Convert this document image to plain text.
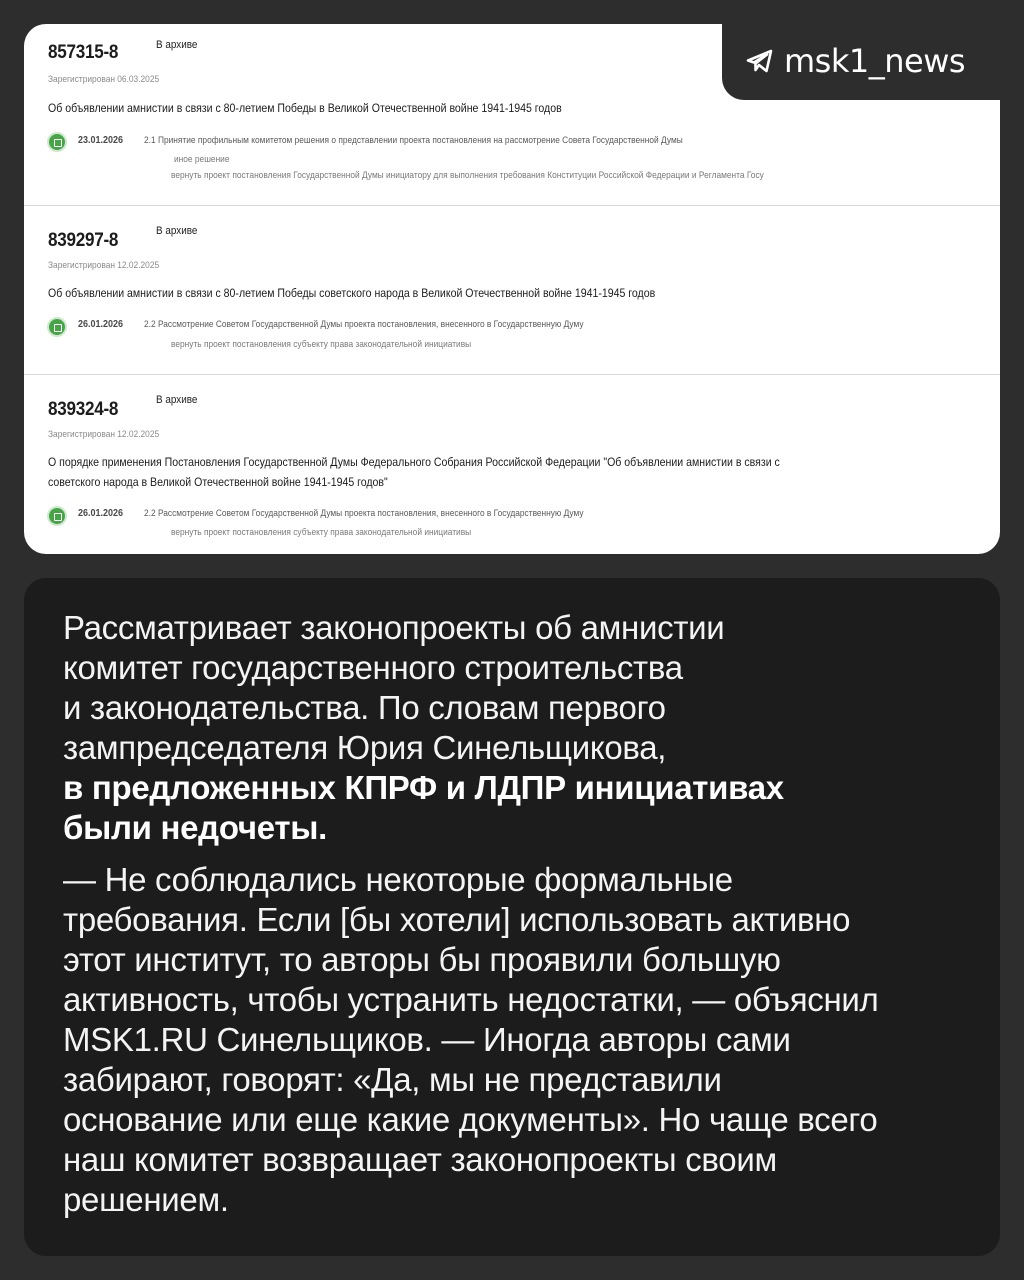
857315-8	В архиве
Зарегистрирован 06.03.2025
Об объявлении амнистии в связи с 80-летием Победы в Великой Отечественной войне 1941-1945 годов
23.01.2026 2.1 Принятие профильным комитетом решения о представлении проекта постановления на рассмотрение Совета Государственной Думы
иное решение
вернуть проект постановления Государственной Думы инициатору для выполнения требования Конституции Российской Федерации и Регламента Госу
839297-8	В архиве
Зарегистрирован 12.02.2025
Об объявлении амнистии в связи с 80-летием Победы советского народа в Великой Отечественной войне 1941-1945 годов
26.01.2026 2.2 Рассмотрение Советом Государственной Думы проекта постановления, внесенного в Государственную Думу
вернуть проект постановления субъекту права законодательной инициативы
839324-8	В архиве
Зарегистрирован 12.02.2025
О порядке применения Постановления Государственной Думы Федерального Собрания Российской Федерации "Об объявлении амнистии в связи с
советского народа в Великой Отечественной войне 1941-1945 годов"
26.01.2026 2.2 Рассмотрение Советом Государственной Думы проекта постановления, внесенного в Государственную Думу
вернуть проект постановления субъекту права законодательной инициативы
msk1_news
Рассматривает законопроекты об амнистии
комитет государственного строительства
и законодательства. По словам первого
зампредседателя Юрия Синельщикова,
в предложенных КПРФ и ЛДПР инициативах
были недочеты.
— Не соблюдались некоторые формальные
требования. Если [бы хотели] использовать активно
этот институт, то авторы бы проявили большую
активность, чтобы устранить недостатки, — объяснил
MSK1.RU Синельщиков. — Иногда авторы сами
забирают, говорят: «Да, мы не представили
основание или еще какие документы». Но чаще всего
наш комитет возвращает законопроекты своим
решением.
